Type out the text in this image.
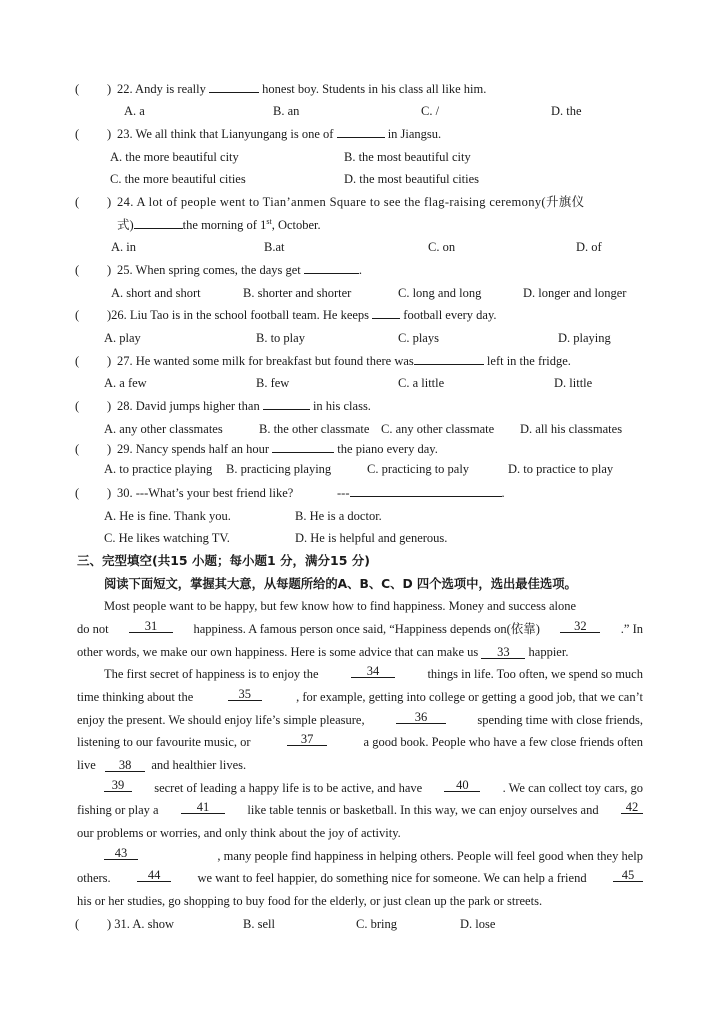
( ) 22. Andy is really	honest boy. Students in his class all like him.
A. a	B. an	C. /	D. the
( ) 23. We all think that Lianyungang is one of	in Jiangsu.
A. the more beautiful city	B. the most beautiful city
C. the more beautiful cities	D. the most beautiful cities
( ) 24. A lot of people went to Tian’anmen Square to see the flag-raising ceremony(升旗仪
式)	the morning of 1st, October.
A. in	B.at	C. on	D. of
( ) 25. When spring comes, the days get	.
A. short and short	B. shorter and shorter	C. long and long	D. longer and longer
( )26. Liu Tao is in the school football team. He keeps	football every day.
A. play	B. to play	C. plays	D. playing
( ) 27. He wanted some milk for breakfast but found there was	left in the fridge.
A. a few	B. few	C. a little	D. little
( ) 28. David jumps higher than	in his class.
A. any other classmates	B. the other classmate C. any other classmate D. all his classmates
( ) 29. Nancy spends half an hour	the piano every day.
A. to practice playing B. practicing playing	C. practicing to paly	D. to practice to play
( ) 30. ---What’s your best friend like?	---	.
A. He is fine. Thank you.	B. He is a doctor.
C. He likes watching TV.	D. He is helpful and generous.
三、完型填空(共15 小题；每小题1 分，满分15 分)
阅读下面短文，掌握其大意，从每题所给的A、B、C、D 四个选项中，选出最佳选项。
Most people want to be happy, but few know how to find happiness. Money and success alone
do not	31	happiness. A famous person once said, “Happiness depends on(依靠)	32	.” In
other words, we make our own happiness. Here is some advice that can make us 33 happier.
The first secret of happiness is to enjoy the	34	things in life. Too often, we spend so much
time thinking about the	35	, for example, getting into college or getting a good job, that we can’t
enjoy the present. We should enjoy life’s simple pleasure,	36	spending time with close friends,
listening to our favourite music, or	37	a good book. People who have a few close friends often
live 38 and healthier lives.
39	secret of leading a happy life is to be active, and have	40	. We can collect toy cars, go
fishing or play a	41	like table tennis or basketball. In this way, we can enjoy ourselves and	42
our problems or worries, and only think about the joy of activity.
43	, many people find happiness in helping others. People will feel good when they help
others.	44	we want to feel happier, do something nice for someone. We can help a friend	45
his or her studies, go shopping to buy food for the elderly, or just clean up the park or streets.
( ) 31. A. show	B. sell	C. bring	D. lose
